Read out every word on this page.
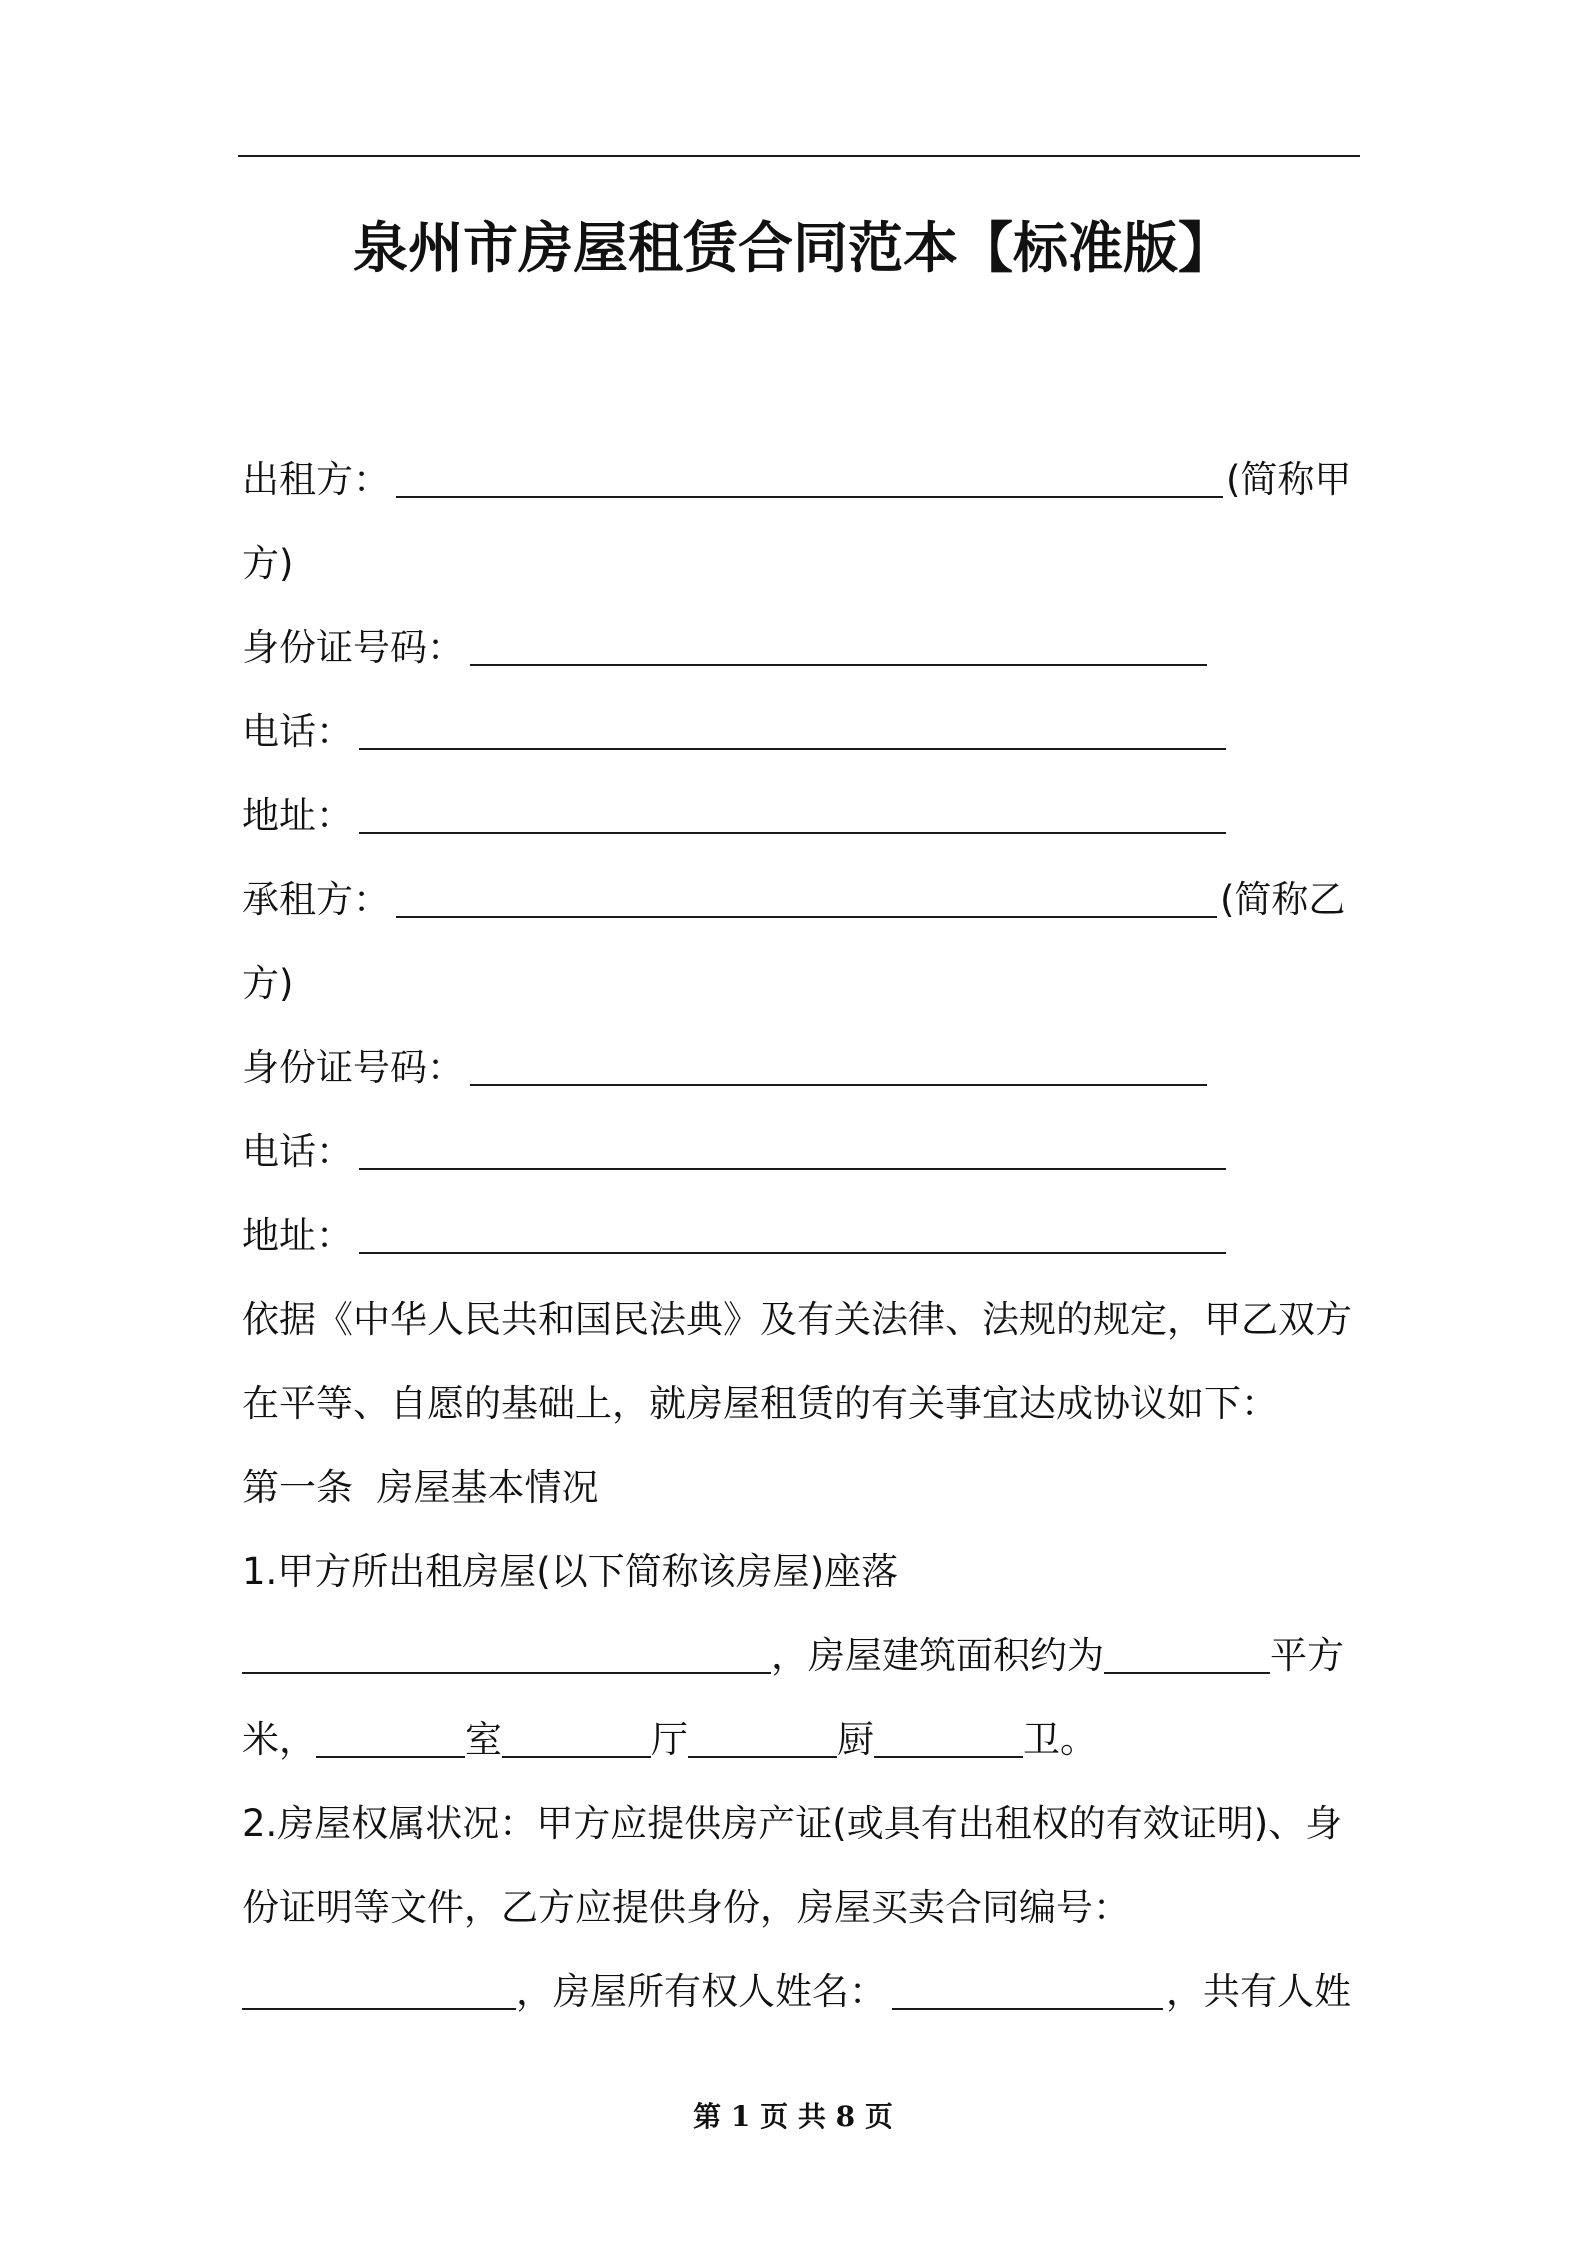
泉州市房屋租赁合同范本【标准版】
出租方：	(简称甲
方)
身份证号码：
电话：
地址：
承租方：	(简称乙
方)
身份证号码：
电话：
地址：
依据《中华人民共和国民法典》及有关法律、法规的规定，甲乙双方
在平等、自愿的基础上，就房屋租赁的有关事宜达成协议如下：
第一条  房屋基本情况
1.甲方所出租房屋(以下简称该房屋)座落
，房屋建筑面积约为	平方
米，	室	厅	厨	卫。
2.房屋权属状况：甲方应提供房产证(或具有出租权的有效证明)、身
份证明等文件，乙方应提供身份，房屋买卖合同编号：
，房屋所有权人姓名：	，共有人姓
第 1 页 共 8 页
